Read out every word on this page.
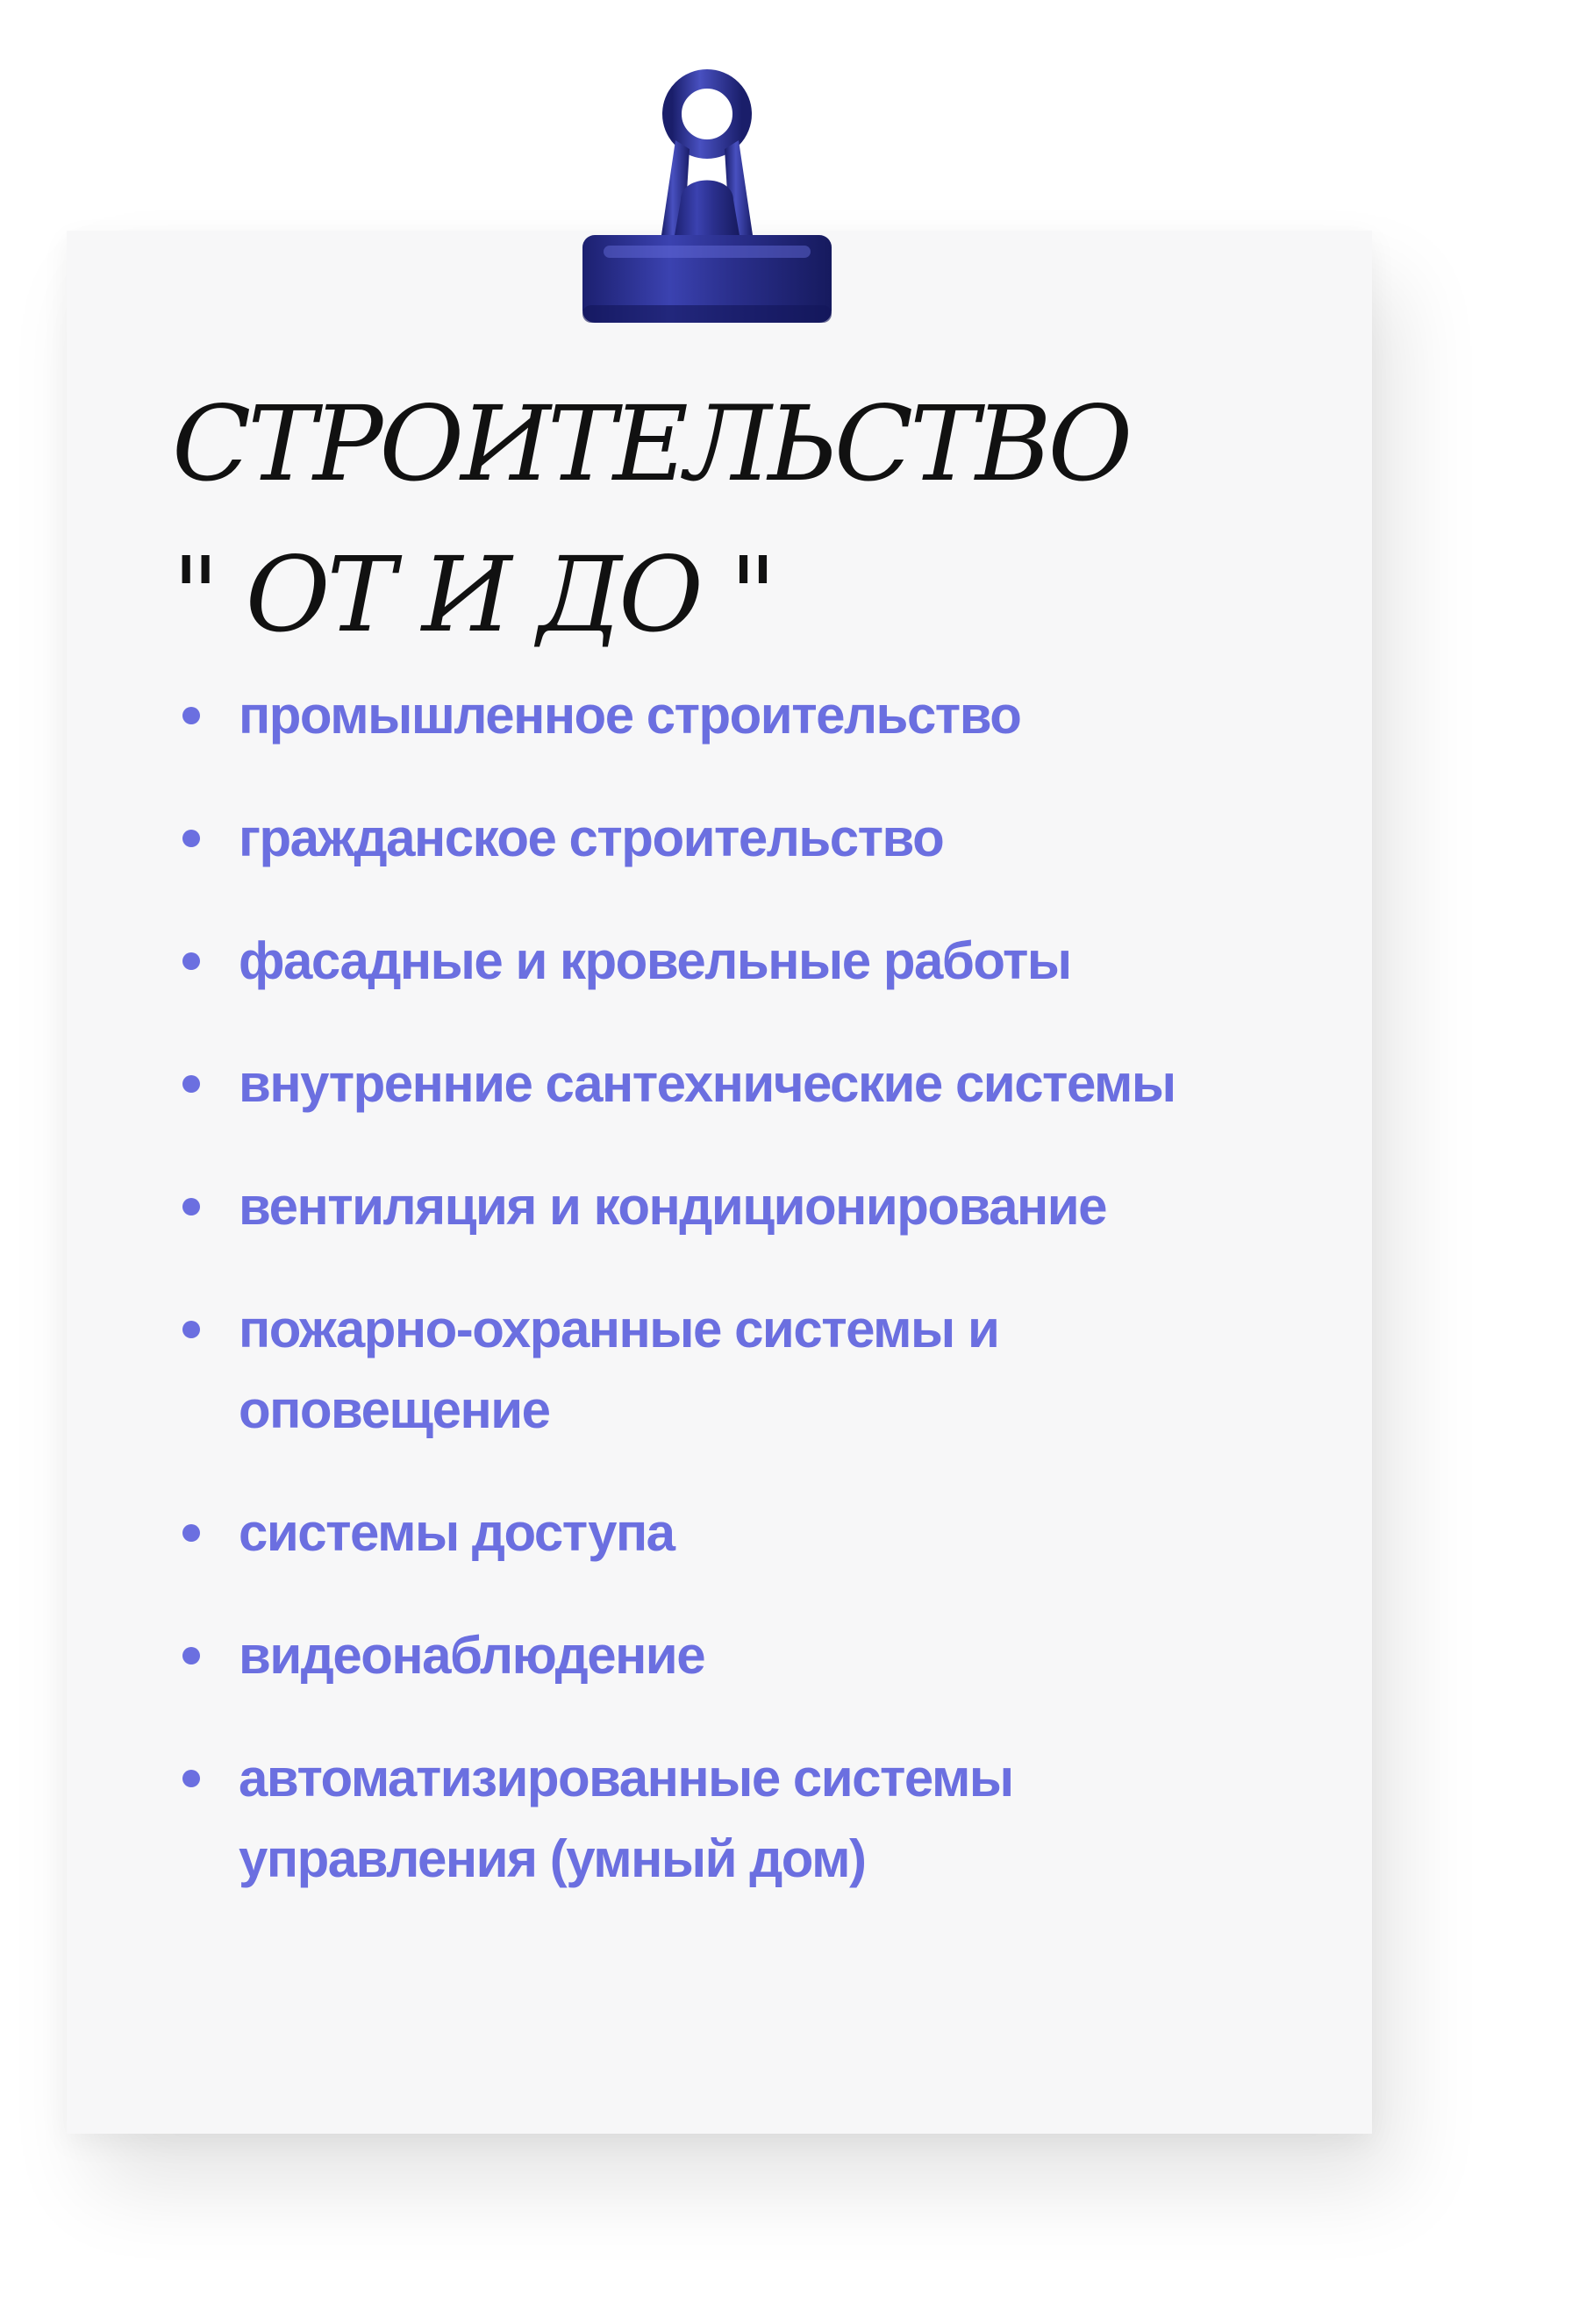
СТРОИТЕЛЬСТВО
" ОТ И ДО "
промышленное строительство
гражданское строительство
фасадные и кровельные работы
внутренние сантехнические системы
вентиляция и кондиционирование
пожарно-охранные системы и оповещение
системы доступа
видеонаблюдение
автоматизированные системы управления (умный дом)
